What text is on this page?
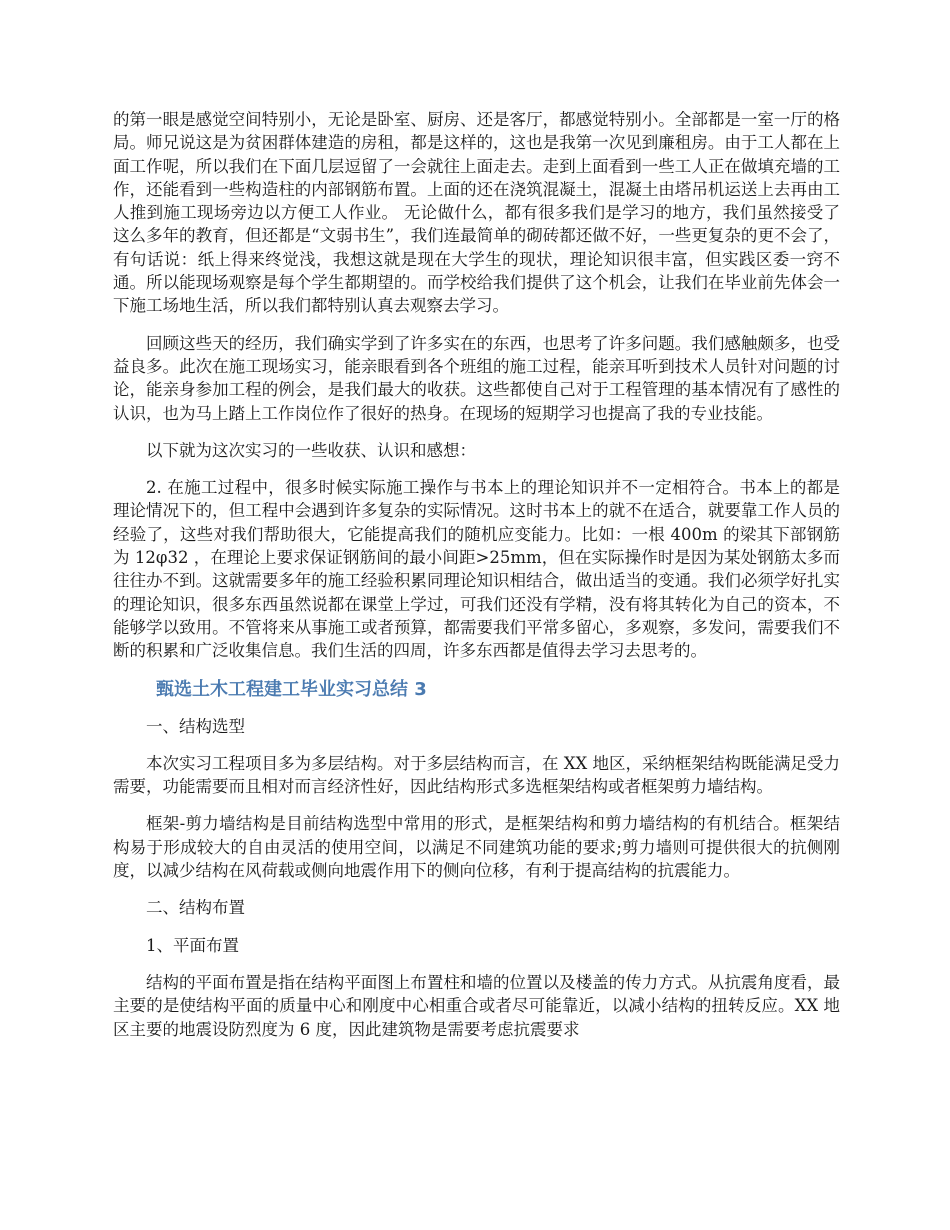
的第一眼是感觉空间特别小，无论是卧室、厨房、还是客厅，都感觉特别小。全部都是一室一厅的格局。师兄说这是为贫困群体建造的房租，都是这样的，这也是我第一次见到廉租房。由于工人都在上面工作呢，所以我们在下面几层逗留了一会就往上面走去。走到上面看到一些工人正在做填充墙的工作，还能看到一些构造柱的内部钢筋布置。上面的还在浇筑混凝土，混凝土由塔吊机运送上去再由工人推到施工现场旁边以方便工人作业。 无论做什么，都有很多我们是学习的地方，我们虽然接受了这么多年的教育，但还都是“文弱书生”，我们连最简单的砌砖都还做不好，一些更复杂的更不会了，有句话说：纸上得来终觉浅，我想这就是现在大学生的现状，理论知识很丰富，但实践区委一窍不通。所以能现场观察是每个学生都期望的。而学校给我们提供了这个机会，让我们在毕业前先体会一下施工场地生活，所以我们都特别认真去观察去学习。

回顾这些天的经历，我们确实学到了许多实在的东西，也思考了许多问题。我们感触颇多，也受益良多。此次在施工现场实习，能亲眼看到各个班组的施工过程，能亲耳听到技术人员针对问题的讨论，能亲身参加工程的例会，是我们最大的收获。这些都使自己对于工程管理的基本情况有了感性的认识，也为马上踏上工作岗位作了很好的热身。在现场的短期学习也提高了我的专业技能。

以下就为这次实习的一些收获、认识和感想：

2. 在施工过程中，很多时候实际施工操作与书本上的理论知识并不一定相符合。书本上的都是理论情况下的，但工程中会遇到许多复杂的实际情况。这时书本上的就不在适合，就要靠工作人员的经验了，这些对我们帮助很大，它能提高我们的随机应变能力。比如：一根 400m 的梁其下部钢筋为 12φ32 ，在理论上要求保证钢筋间的最小间距>25mm，但在实际操作时是因为某处钢筋太多而往往办不到。这就需要多年的施工经验积累同理论知识相结合，做出适当的变通。我们必须学好扎实的理论知识，很多东西虽然说都在课堂上学过，可我们还没有学精，没有将其转化为自己的资本，不能够学以致用。不管将来从事施工或者预算，都需要我们平常多留心，多观察，多发问，需要我们不断的积累和广泛收集信息。我们生活的四周，许多东西都是值得去学习去思考的。

甄选土木工程建工毕业实习总结 3

一、结构选型

本次实习工程项目多为多层结构。对于多层结构而言，在 XX 地区，采纳框架结构既能满足受力需要，功能需要而且相对而言经济性好，因此结构形式多选框架结构或者框架剪力墙结构。

框架-剪力墙结构是目前结构选型中常用的形式，是框架结构和剪力墙结构的有机结合。框架结构易于形成较大的自由灵活的使用空间，以满足不同建筑功能的要求;剪力墙则可提供很大的抗侧刚度，以减少结构在风荷载或侧向地震作用下的侧向位移，有利于提高结构的抗震能力。

二、结构布置

1、平面布置

结构的平面布置是指在结构平面图上布置柱和墙的位置以及楼盖的传力方式。从抗震角度看，最主要的是使结构平面的质量中心和刚度中心相重合或者尽可能靠近，以减小结构的扭转反应。XX 地区主要的地震设防烈度为 6 度，因此建筑物是需要考虑抗震要求
